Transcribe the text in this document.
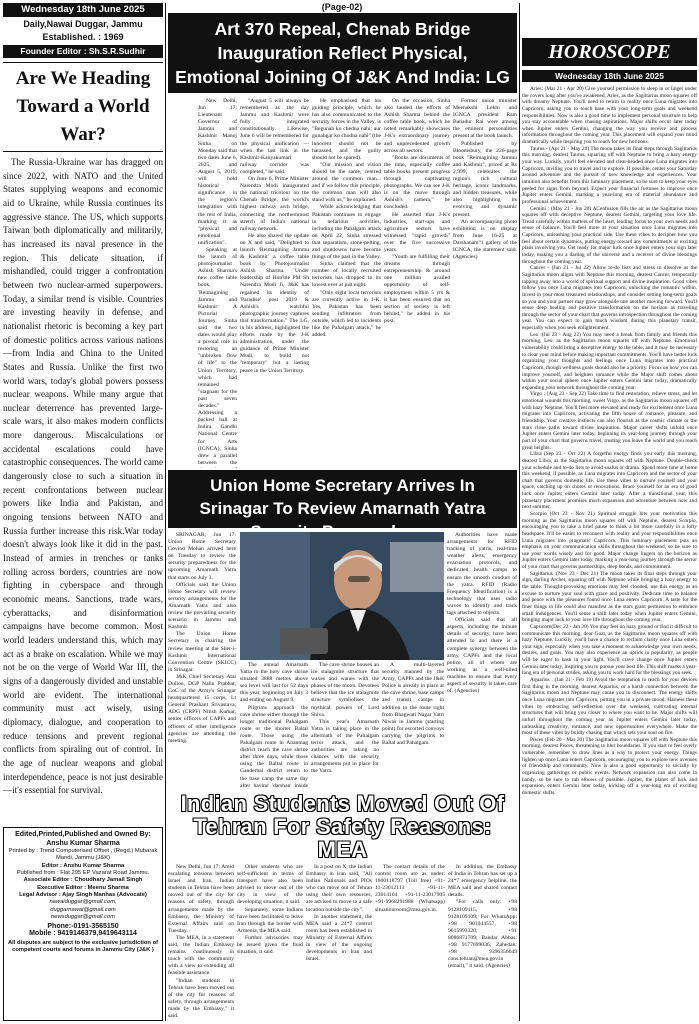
Wednesday 18th June 2025
Daily,Nawai Duggar, Jammu
Established. : 1969
Founder Editor : Sh.S.R.Sudhir
Are We Heading Toward a World War?

The Russia-Ukraine war has dragged on since 2022, with NATO and the United States supplying weapons and economic aid to Ukraine, while Russia continues its aggressive stance. The US, which supports Taiwan both diplomatically and militarily, has increased its naval presence in the region. This delicate situation, if mishandled, could trigger a confrontation between two nuclear-armed superpowers. Today, a similar trend is visible. Countries are investing heavily in defense, and nationalist rhetoric is becoming a key part of domestic politics across various nations—from India and China to the United States and Russia. Unlike the first two world wars, today's global powers possess nuclear weapons. While many argue that nuclear deterrence has prevented large-scale wars, it also makes modern conflicts more dangerous. Miscalculations or accidental escalations could have catastrophic consequences. The world came dangerously close to such a situation in recent confrontations between nuclear powers like India and Pakistan, and ongoing tensions between NATO and Russia further increase this risk.War today doesn't always look like it did in the past. Instead of armies in trenches or tanks rolling across borders, countries are now fighting in cyberspace and through economic means. Sanctions, trade wars, cyberattacks, and disinformation campaigns have become common. Most world leaders understand this, which may act as a brake on escalation. While we may not be on the verge of World War III, the signs of a dangerously divided and unstable world are evident. The international community must act wisely, using diplomacy, dialogue, and cooperation to reduce tensions and prevent regional conflicts from spiraling out of control. In the age of nuclear weapons and global interdependence, peace is not just desirable—it's essential for survival.

Edited,Printed,Published and Owned By: Anshu Kumar Sharma
Printed by : Trend Computerised Offset , (Regd.) Mubarak Mandi, Jammu (J&K)
Editor : Anshu Kumar Sharma
Published from : Flat 295 EP Vazarat Road Jammu.
Associate Editor : Choudhary Jamail Singh
Executive Editor : Meenu Sharma
Legal Advisor : Ajay Singh Manhas (Advocate)
nawaiduggar@gmail.com,
duggarnawai@gmail.com
newsduggar@gmail.com
Phone:-0191-3565150
Mobile : 9419146379,9419643114
All disputes are subject to the exclusive jurisdiction of competent courts and forums in Jammu City (J&K )
(Page-02)
Art 370 Repeal, Chenab Bridge Inauguration Reflect Physical, Emotional Joining Of J&K And India: LG

New Delhi, Jun 17: Lieutenant Governor of Jammu and Kashmir Manoj Sinha on Monday said that two dates June 6, 2025, and August 5, 2019, will hold historical significance in the region's integration with the rest of India, marking it as "physical and emotional unification".

Speaking at the launch of photojournalist Ashish Sharma's new coffee table book, 'Reimagining Jammu and Kashmir: A Pictorial Journey, Sinha said the two dates would play a pivotal role in restoring an "unbroken flow of life" to the Union Territory, which had remained "stagnant for the past seven decades." Addressing a packed hall at Indira Gandhi National Centre for Arts (IGNCA), Sinha drew a parallel between the

"August 5 will always be remembered as the day Jammu and Kashmir were fully integrated constitutionally. Likewise, June 6 will be remembered for the physical unification — when the last link in the Kashmir-Kanyakumari railway corridor was completed," he said.

On June 6, Prime Minister Narendra Modi inaugurated the national tricolour on the Chenab Bridge, the world's highest railway arch bridge, connecting the northernmost stretch of India's national railway network.

He also shared the update on X and said, "Delighted to launch 'Reimagining Jammu & Kashmir' a coffee table book by Photojournalist Ashish Sharma. Under leadership of Hon'ble PM Sh Narendra Modi Ji, J&K has regained its identity of 'Paradise' post 2019 & Ashish's watchful photographic journey captures that transformation." The LG, in his address, highlighted the efforts made by the J-K administration, under the guidance of Prime Minister Modi, to build not "temporary" but a lasting peace in the Union Territory.

He emphasised that his guiding principle, which he has also communicated to the security forces in the Valley, is "Begunah ko chedna nahi; aur gunahgar ko chodna nahi" (the innocent should not be harassed, and the guilty should not be spared).

"Our mission and vision should be the same, centred around the common man... and if we follow this principle, the common man will also stand with us," he explained.

While acknowledging that Pakistan continues to engage in nefarious activities, including the Pahalgam attack on April 22, Sinha stressed that separatism, stone-pelting, and shutdowns have become things of the past in the Valley.

Sinha claimed that the number of locally recruited terrorists has dropped to its lowest ever at just eight.

"Only eight local terrorists are currently active in J-K. Yes, Pakistan has been sending infiltrators from outside, which led to incidents like the Pahalgam attack," he added.

On the occasion, Sinha also lauded the efforts of Ashish Sharma behind the coffee table book, which he noted remarkably showcases J-K's extraordinary journey and unprecedented growth across all sectors.

"Books are documents of the time, especially coffee table books present progress through captivating photographs. We can see J-K is on the move through Ashish's camera," he concluded.

He asserted that J-K's industries, start-ups and agriculture sectors have witnessed "rapid growth" over the five successive years.

"Youth are fulfilling their dreams through entrepreneurship & around one million availed opportunity of self-employment within 5 yrs & it has been ensured that no section of society is left behind," he added in his post.

Former union minister Meenakshi Lekhi and IGNCA president Ram Bahadur Rai were among the eminent personalities present at the book launch.

Published by Bloomsbury, the 226-page book "Reimagining Jammu and Kashmir", priced at Rs 2,999, celebrates the region's rich cultural heritage, iconic landmarks, and hidden treasures, while also highlighting its evolving and dynamic present.

An accompanying photo exhibition is on display from June 16-25 at Darshanam"1 gallery of the IGNCA, the statement said.(Agencies)

Union Home Secretary Arrives In Srinagar To Review Amarnath Yatra

SRINAGAR, Jun 17: Union Home Secretary Govind Mohan arrived here on Tuesday to review the security preparedness for the upcoming Amarnath Yatra that starts on July 3.

Officials said the Union Home Secretary will review security arrangements for the Amarnath Yatra and also review the prevailing security scenario in Jammu and Kashmir.

The Union Home Secretary is chairing the review meeting at the Sher-i-Kashmir International Convention Centre (SKICC) in Srinagar.

J&K Chief Secretary Atal Dulloo, DGP Nalin Prabhat, GoC of the Army's Srinagar headquartered 15 corps, Lt General Prashant Srivastava, ADG (CRPF) Nitish Kumar, senior officers of CAPFs and officers of other intelligence agencies are attending the meeting.

The annual Amarnath Yatra to the holy cave shrine situated 3888 metres above sea level will last for 52 days this year, beginning on July 3 and ending on August 9.

Pilgrims approach the cave shrine either through the longer traditional Pahalgam route or the shorter Baltal route. Those using the Pahalgam route in Anantnag district reach the cave shrine after three days, while those using the Baltal route in Ganderbal district return to the base camp the same day after having 'darshan' inside

The cave shrine houses an ice stalagmite structure that waxes and wanes with the phases of the moon. Devotees believe that the ice stalagmite structure symbolises the mythical powers of Lord Shiva.

This year's Amarnath Yatra is taking place in the aftermath of the Pahalgam terror attack, and the authorities are taking no chances with the security arrangements put in place for the Yatra.

A multi-layered security manned by the Army, CAPFs and the J&K Police is already in place at the cave shrine, base camps and transit camps in addition to the route right from Bhagwati Nagar Yatri Niwas in Jammu (starting point) for escorted convoys carrying the pilgrims to Baltal and Pahalgam.

Authorities have made arrangements for RFID tracking of yatris, real-time weather alerts, emergency evacuation protocols, and dedicated health camps to ensure the smooth conduct of the yatra. RFID (Radio Frequency Identification) is a technology that uses radio waves to identify and track tags attached to objects.

Officials said that all aspects, including the minute details of security, have been attended to and there is a complete synergy between the army, CAPFs and the local police, all of whom are working as a well-oiled machine to ensure that every aspect of security is taken care of. (Agencies)

Indian Students Moved Out Of Tehran For Safety Reasons: MEA

New Delhi, Jun 17: Amid escalating tensions between Israel and Iran, Indian students in Tehran have been moved out of the city for reasons of safety, through arrangements made by the Embassy, the Ministry of External Affairs said on Tuesday.

The MEA, in a statement said, the Indian Embassy remains continuously in touch with the community with a view to extending all feasible assistance.

"Indian students in Tehran have been moved out of the city for reasons of safety, through arrangements made by the Embassy," it said.

Other students who are self-sufficient in terms of transport have also been advised to move out of the city in view of the developing situation, it said.

Separately, some Indians have been facilitated to leave Iran through the border with Armenia, the MEA said.

Further advisories may be issued given the fluid situation, it said.

In a post on X, the Indian Embassy in Iran said, "All Indian Nationals and PIOs who can move out of Tehran using their own resources, are advised to move to a safe location outside the city".

In another statement, the MEA said a 24*7 control room has been established in Ministry of External Affairs in view of the ongoing developments in Iran and Israel.

The contact details of the control room are as under: 1800118797 (Toll free) +91-11-23012113 +91-11-23014104 +91-11-23017905 +91-9968291988 (Whatsapp) situationroom@mea.gov.in.

In addition, the Embassy of India in Tehran has set up a 24*7 emergency helpline, the MEA said and shared contact details.

"For calls only: +98 9128109115, +98 9128109109; For WhatsApp: +98 901044557, +98 9015993320, +91 8086871709; Bandar Abbas: +98 9177699036; Zahedan: +98 9396356649 cons.tehran@mea.gov.in (email)," it said. (Agencies)

HOROSCOPE
Wednesday 18th June 2025

Aries: (Mar 21 - Apr 20) Give yourself permission to sleep in or linger under the covers long after you've awakened, Aries, as the Sagittarius moon squares off with dreamy Neptune. You'll need to return to reality once Luna migrates into Capricorn, asking you to touch base with your long-term goals and weekend responsibilities. Now is also a good time to implement personal structure to help you stay accountable when chasing aspirations. Major shifts occur later today when Jupiter enters Gemini, changing the way you receive and process information throughout the coming year. This placement will expand your mind dramatically while inspiring you to reach for new horizons.

Taurus - (Apr 21 - May 20) The moon takes its final steps through Sagittarius this morning, dearest Taurus, squaring off with Neptune to bring a hazy energy your way. Luckily, you'll feel elevated and clear-headed once Luna migrates into Capricorn, inviting you to travel and to explore. If possible, center your Saturday around adventure and the pursuit of new knowledge and experiences. Your intuition also benefits from this luminary placement, so be sure to keep your eyes peeled for signs from beyond. Expect your financial fortunes to improve once Jupiter enters Gemini, marking a year-long era of material abundance and professional achievement.

Gemini : (May 21 - Jun 20) ACenfusion fills the air as the Sagittarius moon squares off with deceptive Neptune, dearest Gemini, targeting your love life. Tread carefully within matters of the heart, lending focus to your own needs and sense of balance. You'll feel more at your situation once Luna migrates into Capricorn, unleashing your practical side. Use these vibes to decipher how you feel about certain dynamics, putting energy toward any commitments or exciting plans involving you. Get ready for major luck once Jupiter enters your sign later today, making you a darling of the universe and a receiver of divine blessings throughout the coming year.

Cancer - (Jun 21 - Jul 22) Allow to-do lists and stress to dissolve as the Sagittarius moon aligns with Neptune this morning, dearest Cancer, temporarily tapping away into a world of spiritual support and divine inspiration. Good vibes follow you once Luna migrates into Capricorn, unlocking the romantic within. Invest in your most treasured relationships, and consider setting long-term goals so you and your partner may grow alongside one another moving forward. You'll sense deep healing and positive transformation on the horizon as traveling through the sector of your chart that governs introspection throughout the coming year. You can expect to gain much wisdom during this planetary transit, especially when you seek enlightenment.

Leo :(Jul 23 - Aug 22) You may need a break from family and friends this morning, Leo, as the Sagittarius moon squares off with Neptune. Emotional vulnerability could bring a deceptive energy to the table, and it may be necessary to clear your mind before making important commitments. You'll have better luck organizing your thoughts and feelings once Luna migrates into practical Capricorn, though wellness goals should also be a priority. Focus on how you can improve yourself, and heighten romance while the Major shift comes about within your social sphere once Jupiter enters Gemini later today, dramatically expanding your network throughout the coming year.

Virgo : (Aug 23 - Sep 22) Take time to find restoration, relieve stress, and let emotional wounds this morning, sweet Virgo, as the Sagittarius moon squares off with hazy Neptune. You'll feel more elevated and ready for excitement once Luna migrates into Capricorn, activating the fifth house of romance, pleasure, and friendship. Your creative instincts can also flourish as the cosmic climate or the stars close paths toward divine inspiration. Major career shifts unfold once Jupiter enters Gemini later today, beginning its year-long journey through your part of your chart that governs travel, trusting you leave the world and you reach great heights.

Libra (Sep 23 - Oct 22) A forgetful energy finds you early this morning, dearest Libra, as the Sagittarius moon squares off with Neptune. Double-check your schedule and to-do lists to avoid snafus or drama. Spend more time at home this weekend, if possible, as Luna migrates into Capricorn and the sector of your chart that governs domestic life. Use these vibes to nurture yourself and your space, catching up on chores or renovations. Brace yourself for an era of good luck once Jupiter enters Gemini later today. After a transitional year, this planetary placement promises much expansion and adventure between now and next summer.

Scorpio (Oct 23 - Nov 21) Spiritual struggle hits your motivation this morning as the Sagittarius moon squares off with Neptune, dearest Scorpio, encouraging you to take a brief pause to think a bit more carefully in a lofty headspace. It'll be easier to reconnect with reality and your responsibilities once Luna migrates into pragmatic Capricorn. This luminary placement puts an emphasis on your communication skills throughout the weekend, so be sure to use your words wisely and for good. Major change lingers on the horizon as Jupiter enters Gemini later today, marking a year-long journey through the sector of your chart that governs partnerships, deep bonds, and commitment.

Sagittarius :(Nov 23 - Dec 21) The moon takes its final steps through your sign, darling Archer, squaring off with Neptune while bringing a hazy energy to the table. Thought-provoking emotions may feel clouded, use this energy as an excuse to nurture your soul with grace and positivity. Dedicate time to balance and peace with the pleasures found once Luna enters Capricorn. A taste for the finer things in life could also manifest as the stars grant permission to embrace small indulgences. You'll sense a shift later today when Jupiter enters Gemini, bringing major luck to your love life throughout the coming year.

Capricorn(Dec 22 - Jan 20) You may feel on hazy ground or find it difficult to communicate this morning, dear Goat, as the Sagittarius moon squares off with hazy Neptune. Luckily, you'll have a chance to reclaim clarity once Luna enters your sign, especially when you take a moment to acknowledge your own needs, desires, and goals. You may also experience an uptick in popularity, as people will be eager to bask in your light. You'll crave change once Jupiter enters Gemini later today, inspiring you to pursue your best life. This shift marks a year-long era of personal strides, asking you to work hard for the blessings you seek.

Aquarius : (Jan 21 - Feb 19) Avoid the temptation to reach for your devices first thing in the morning, dearest Aquarius, or a harsh connection between the Sagittarius moon and Neptune may cause you to disconnect. The energy shifts once Luna migrates into Capricorn, putting you in a private mood. Harness these vibes by embracing self-reflection over the weekend, cultivating internal structures that will bring you closer to where you want to be. Major shifts will unfurl throughout the coming year as Jupiter enters Gemini later today, unleashing creativity, romance, and new opportunities everywhere. Make the most of these vibes by boldly chasing that which sets your soul on fire.

Pisces (Feb 20 - Mar 20) The Sagittarius moon squares off with Neptune this morning, dearest Pisces, threatening to blur boundaries. If you start to feel overly vulnerable, remember to draw lines as a way to protect your energy. Things lighten up once Luna enters Capricorn, encouraging you to explore new avenues of friendship and community. Now is also a good opportunity to socially by organizing gatherings or public events. Network expansion can also come in handy, so be sure to rub elbows of possible. Jupiter, the planet of luck and expansion, enters Gemini later today, kicking off a year-long era of exciting domestic shifts.
